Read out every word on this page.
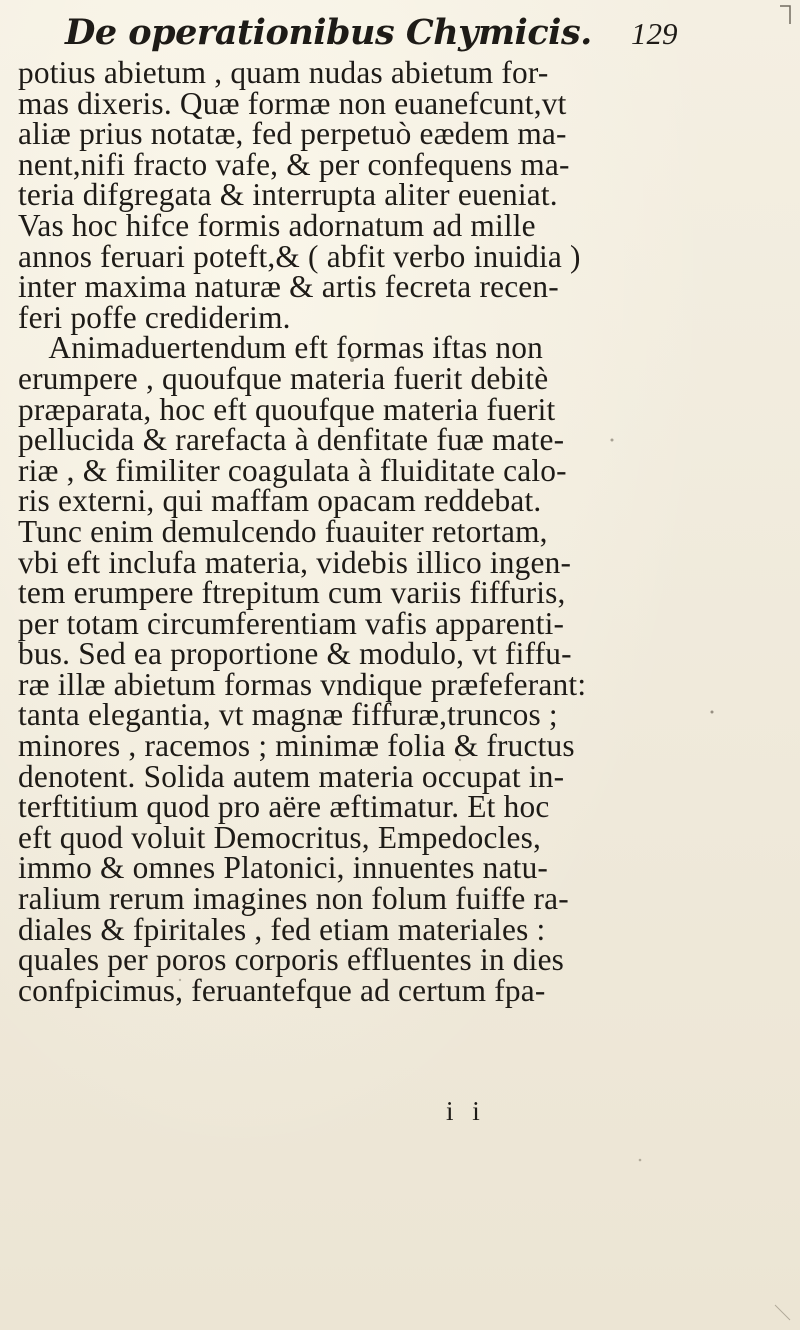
De operationibus Chymicis. 129
potius abietum , quam nudas abietum for-
mas dixeris. Quæ formæ non euanefcunt,vt
aliæ prius notatæ, fed perpetuò eædem ma-
nent,nifi fracto vafe, & per confequens ma-
teria difgregata & interrupta aliter eueniat.
Vas hoc hifce formis adornatum ad mille
annos feruari poteft,& ( abfit verbo inuidia )
inter maxima naturæ & artis fecreta recen-
feri poffe crediderim.
Animaduertendum eft formas iftas non
erumpere , quoufque materia fuerit debitè
præparata, hoc eft quoufque materia fuerit
pellucida & rarefacta à denfitate fuæ mate-
riæ , & fimiliter coagulata à fluiditate calo-
ris externi, qui maffam opacam reddebat.
Tunc enim demulcendo fuauiter retortam,
vbi eft inclufa materia, videbis illico ingen-
tem erumpere ftrepitum cum variis fiffuris,
per totam circumferentiam vafis apparenti-
bus. Sed ea proportione & modulo, vt fiffu-
ræ illæ abietum formas vndique præfeferant:
tanta elegantia, vt magnæ fiffuræ,truncos ;
minores , racemos ; minimæ folia & fructus
denotent. Solida autem materia occupat in-
terftitium quod pro aëre æftimatur. Et hoc
eft quod voluit Democritus, Empedocles,
immo & omnes Platonici, innuentes natu-
ralium rerum imagines non folum fuiffe ra-
diales & fpiritales , fed etiam materiales :
quales per poros corporis effluentes in dies
confpicimus, feruantefque ad certum fpa-
i i
